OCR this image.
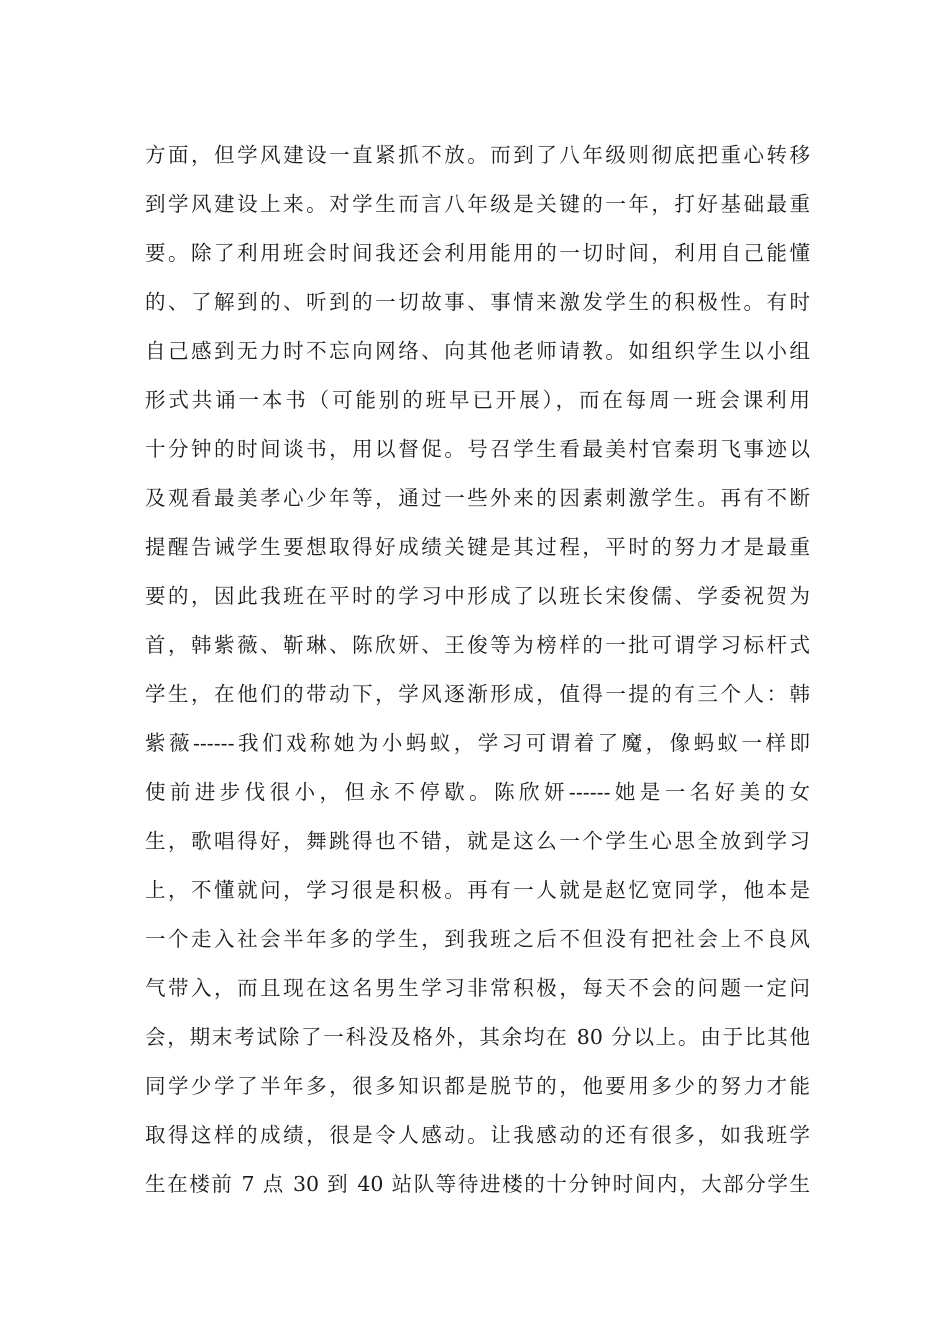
方面，但学风建设一直紧抓不放。而到了八年级则彻底把重心转移
到学风建设上来。对学生而言八年级是关键的一年，打好基础最重
要。除了利用班会时间我还会利用能用的一切时间，利用自己能懂
的、了解到的、听到的一切故事、事情来激发学生的积极性。有时
自己感到无力时不忘向网络、向其他老师请教。如组织学生以小组
形式共诵一本书（可能别的班早已开展），而在每周一班会课利用
十分钟的时间谈书，用以督促。号召学生看最美村官秦玥飞事迹以
及观看最美孝心少年等，通过一些外来的因素刺激学生。再有不断
提醒告诫学生要想取得好成绩关键是其过程，平时的努力才是最重
要的，因此我班在平时的学习中形成了以班长宋俊儒、学委祝贺为
首，韩紫薇、靳琳、陈欣妍、王俊等为榜样的一批可谓学习标杆式
学生，在他们的带动下，学风逐渐形成，值得一提的有三个人：韩
紫薇------我们戏称她为小蚂蚁，学习可谓着了魔，像蚂蚁一样即
使前进步伐很小，但永不停歇。陈欣妍------她是一名好美的女
生，歌唱得好，舞跳得也不错，就是这么一个学生心思全放到学习
上，不懂就问，学习很是积极。再有一人就是赵忆宽同学，他本是
一个走入社会半年多的学生，到我班之后不但没有把社会上不良风
气带入，而且现在这名男生学习非常积极，每天不会的问题一定问
会，期末考试除了一科没及格外，其余均在 80 分以上。由于比其他
同学少学了半年多，很多知识都是脱节的，他要用多少的努力才能
取得这样的成绩，很是令人感动。让我感动的还有很多，如我班学
生在楼前 7 点 30 到 40 站队等待进楼的十分钟时间内，大部分学生
